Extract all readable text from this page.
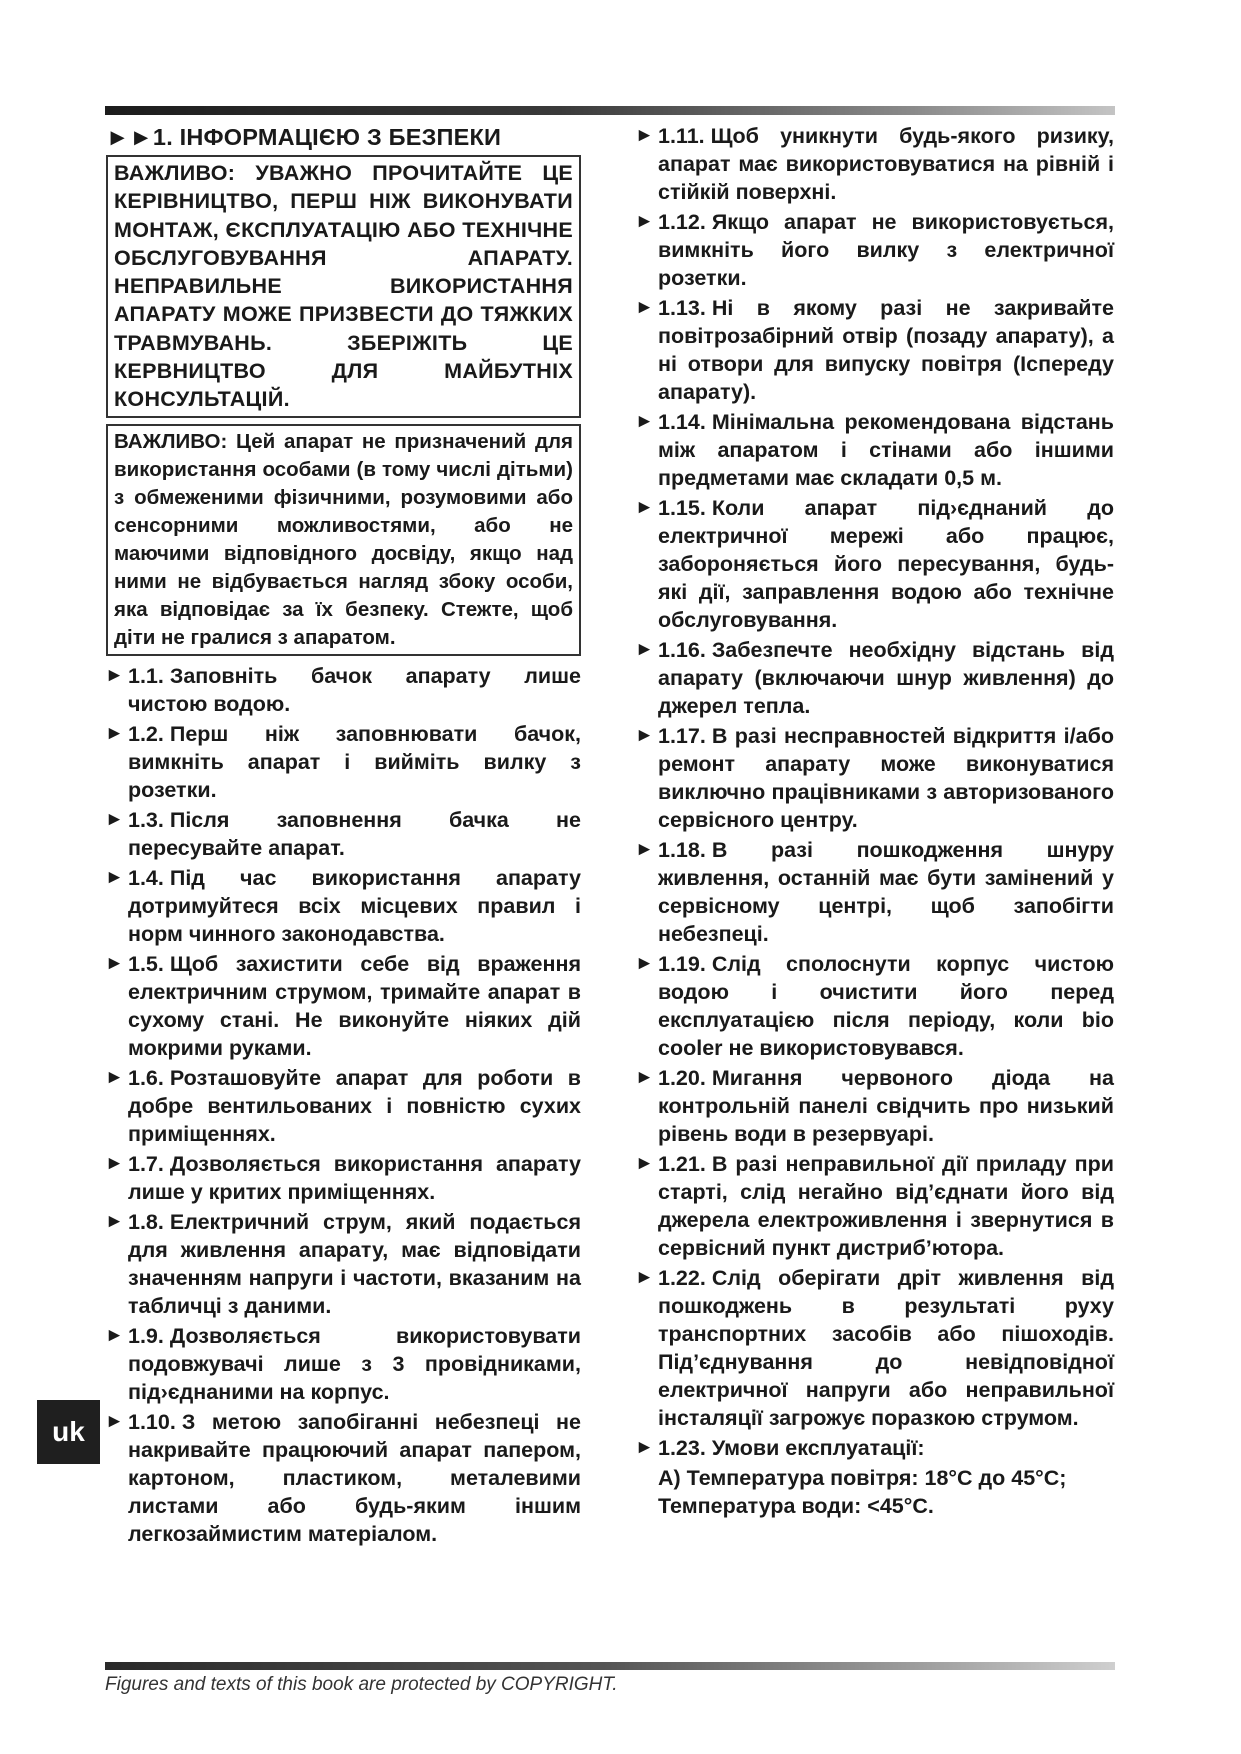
►►1. ІНФОРМАЦІЄЮ З БЕЗПЕКИ
ВАЖЛИВО: УВАЖНО ПРОЧИТАЙТЕ ЦЕ КЕРІВНИЦТВО, ПЕРШ НІЖ ВИКОНУВАТИ МОНТАЖ, ЄКСПЛУАТАЦІЮ АБО ТЕХНІЧНЕ ОБСЛУГОВУВАННЯ АПАРАТУ. НЕПРАВИЛЬНЕ ВИКОРИСТАННЯ АПАРАТУ МОЖЕ ПРИЗВЕСТИ ДО ТЯЖКИХ ТРАВМУВАНЬ. ЗБЕРІЖІТЬ ЦЕ КЕРВНИЦТВО ДЛЯ МАЙБУТНІХ КОНСУЛЬТАЦІЙ.
ВАЖЛИВО: Цей апарат не призначений для використання особами (в тому числі дітьми) з обмеженими фізичними, розумовими або сенсорними можливостями, або не маючими відповідного досвіду, якщо над ними не відбувається нагляд збоку особи, яка відповідає за їх безпеку. Стежте, щоб діти не гралися з апаратом.
► 1.1. Заповніть бачок апарату лише чистою водою.
► 1.2. Перш ніж заповнювати бачок, вимкніть апарат і вийміть вилку з розетки.
► 1.3. Після заповнення бачка не пересувайте апарат.
► 1.4. Під час використання апарату дотримуйтеся всіх місцевих правил і норм чинного законодавства.
► 1.5. Щоб захистити себе від враження електричним струмом, тримайте апарат в сухому стані. Не виконуйте ніяких дій мокрими руками.
► 1.6. Розташовуйте апарат для роботи в добре вентильованих і повністю сухих приміщеннях.
► 1.7. Дозволяється використання апарату лише у критих приміщеннях.
► 1.8. Електричний струм, який подається для живлення апарату, має відповідати значенням напруги і частоти, вказаним на табличці з даними.
► 1.9. Дозволяється використовувати подовжувачі лише з 3 провідниками, під›єднаними на корпус.
► 1.10. З метою запобіганні небезпеці не накривайте працюючий апарат папером, картоном, пластиком, металевими листами або будь-яким іншим легкозаймистим матеріалом.
► 1.11. Щоб уникнути будь-якого ризику, апарат має використовуватися на рівній і стійкій поверхні.
► 1.12. Якщо апарат не використовується, вимкніть його вилку з електричної розетки.
► 1.13. Ні в якому разі не закривайте повітрозабірний отвір (позаду апарату), а ні отвори для випуску повітря (Іспереду апарату).
► 1.14. Мінімальна рекомендована відстань між апаратом і стінами або іншими предметами має складати 0,5 м.
► 1.15. Коли апарат під›єднаний до електричної мережі або працює, забороняється його пересування, будь-які дії, заправлення водою або технічне обслуговування.
► 1.16. Забезпечте необхідну відстань від апарату (включаючи шнур живлення) до джерел тепла.
► 1.17. В разі несправностей відкриття і/або ремонт апарату може виконуватися виключно працівниками з авторизованого сервісного центру.
► 1.18. В разі пошкодження шнуру живлення, останній має бути замінений у сервісному центрі, щоб запобігти небезпеці.
► 1.19. Слід сполоснути корпус чистою водою і очистити його перед експлуатацією після періоду, коли bio cooler не використовувався.
► 1.20. Мигання червоного діода на контрольній панелі свідчить про низький рівень води в резервуарі.
► 1.21. В разі неправильної дії приладу при старті, слід негайно від’єднати його від джерела електроживлення і звернутися в сервісний пункт дистриб’ютора.
► 1.22. Слід оберігати дріт живлення від пошкоджень в результаті руху транспортних засобів або пішоходів. Під’єднування до невідповідної електричної напруги або неправильної інсталяції загрожує поразкою струмом.
► 1.23. Умови експлуатації:
А) Температура повітря: 18°C до 45°C;
Температура води: <45°C.
uk
Figures and texts of this book are protected by COPYRIGHT.
